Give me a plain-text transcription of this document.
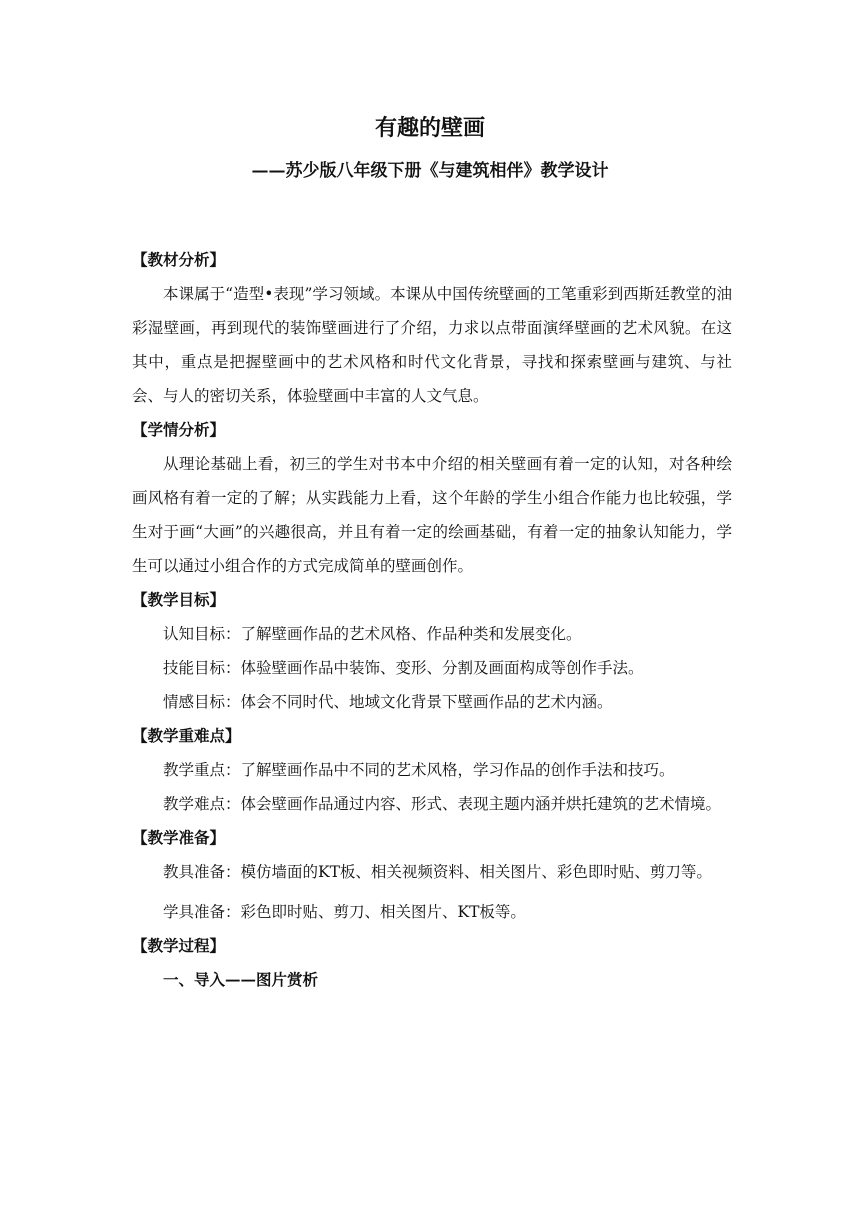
有趣的壁画
——苏少版八年级下册《与建筑相伴》教学设计
【教材分析】

本课属于“造型•表现”学习领域。本课从中国传统壁画的工笔重彩到西斯廷教堂的油彩湿壁画，再到现代的装饰壁画进行了介绍，力求以点带面演绎壁画的艺术风貌。在这其中，重点是把握壁画中的艺术风格和时代文化背景，寻找和探索壁画与建筑、与社会、与人的密切关系，体验壁画中丰富的人文气息。

【学情分析】

从理论基础上看，初三的学生对书本中介绍的相关壁画有着一定的认知，对各种绘画风格有着一定的了解；从实践能力上看，这个年龄的学生小组合作能力也比较强，学生对于画“大画”的兴趣很高，并且有着一定的绘画基础，有着一定的抽象认知能力，学生可以通过小组合作的方式完成简单的壁画创作。

【教学目标】

认知目标：了解壁画作品的艺术风格、作品种类和发展变化。

技能目标：体验壁画作品中装饰、变形、分割及画面构成等创作手法。

情感目标：体会不同时代、地域文化背景下壁画作品的艺术内涵。

【教学重难点】

教学重点：了解壁画作品中不同的艺术风格，学习作品的创作手法和技巧。

教学难点：体会壁画作品通过内容、形式、表现主题内涵并烘托建筑的艺术情境。

【教学准备】

教具准备：模仿墙面的KT板、相关视频资料、相关图片、彩色即时贴、剪刀等。

学具准备：彩色即时贴、剪刀、相关图片、KT板等。

【教学过程】

一、导入——图片赏析
